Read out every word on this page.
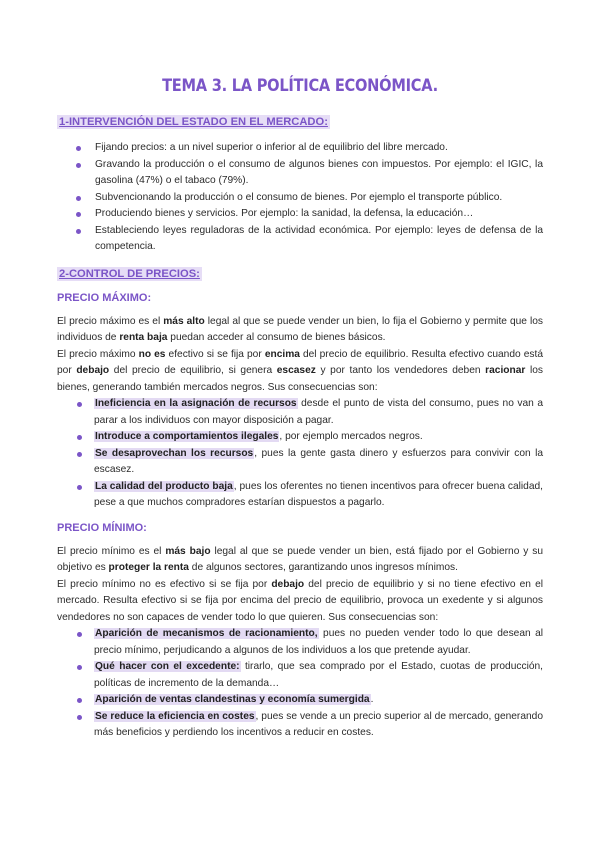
TEMA 3. LA POLÍTICA ECONÓMICA.
1-INTERVENCIÓN DEL ESTADO EN EL MERCADO:
Fijando precios: a un nivel superior o inferior al de equilibrio del libre mercado.
Gravando la producción o el consumo de algunos bienes con impuestos. Por ejemplo: el IGIC, la gasolina (47%) o el tabaco (79%).
Subvencionando la producción o el consumo de bienes. Por ejemplo el transporte público.
Produciendo bienes y servicios. Por ejemplo: la sanidad, la defensa, la educación…
Estableciendo leyes reguladoras de la actividad económica. Por ejemplo: leyes de defensa de la competencia.
2-CONTROL DE PRECIOS:
PRECIO MÁXIMO:

El precio máximo es el más alto legal al que se puede vender un bien, lo fija el Gobierno y permite que los individuos de renta baja puedan acceder al consumo de bienes básicos.

El precio máximo no es efectivo si se fija por encima del precio de equilibrio. Resulta efectivo cuando está por debajo del precio de equilibrio, si genera escasez y por tanto los vendedores deben racionar los bienes, generando también mercados negros. Sus consecuencias son:

Ineficiencia en la asignación de recursos desde el punto de vista del consumo, pues no van a parar a los individuos con mayor disposición a pagar.
Introduce a comportamientos ilegales, por ejemplo mercados negros.
Se desaprovechan los recursos, pues la gente gasta dinero y esfuerzos para convivir con la escasez.
La calidad del producto baja, pues los oferentes no tienen incentivos para ofrecer buena calidad, pese a que muchos compradores estarían dispuestos a pagarlo.
PRECIO MÍNIMO:

El precio mínimo es el más bajo legal al que se puede vender un bien, está fijado por el Gobierno y su objetivo es proteger la renta de algunos sectores, garantizando unos ingresos mínimos.

El precio mínimo no es efectivo si se fija por debajo del precio de equilibrio y si no tiene efectivo en el mercado. Resulta efectivo si se fija por encima del precio de equilibrio, provoca un exedente y si algunos vendedores no son capaces de vender todo lo que quieren. Sus consecuencias son:

Aparición de mecanismos de racionamiento, pues no pueden vender todo lo que desean al precio mínimo, perjudicando a algunos de los individuos a los que pretende ayudar.
Qué hacer con el excedente: tirarlo, que sea comprado por el Estado, cuotas de producción, políticas de incremento de la demanda…
Aparición de ventas clandestinas y economía sumergida.
Se reduce la eficiencia en costes, pues se vende a un precio superior al de mercado, generando más beneficios y perdiendo los incentivos a reducir en costes.
